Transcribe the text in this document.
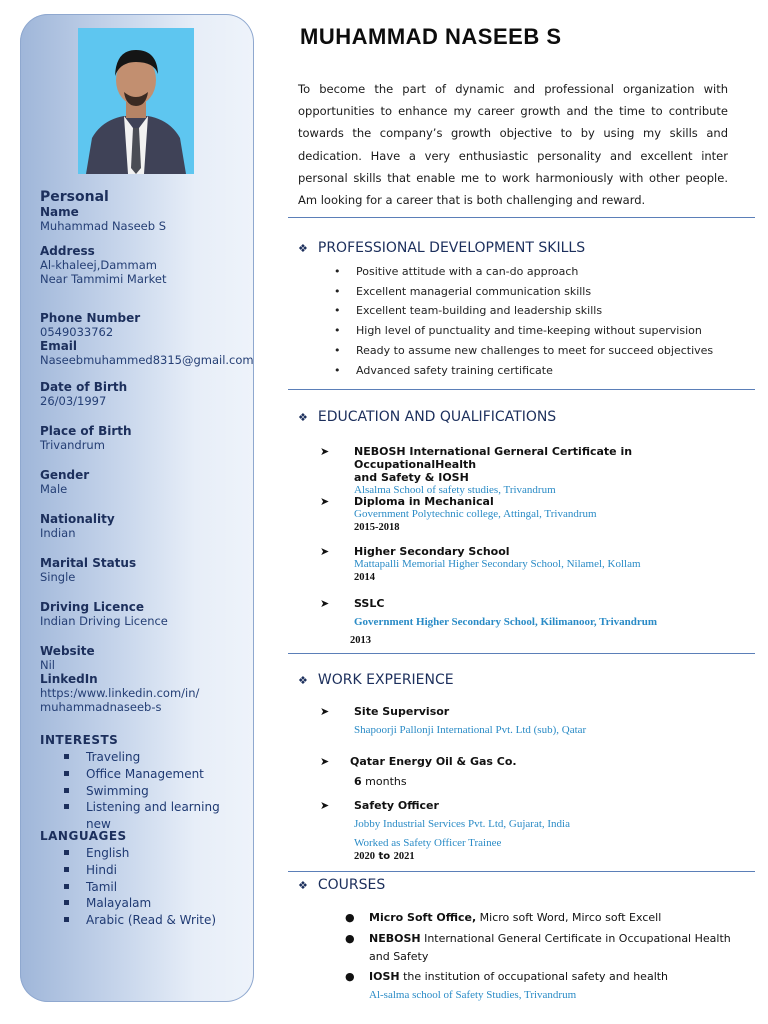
Personal
Name
Muhammad Naseeb S
Address
Al-khaleej,Dammam
Near Tammimi Market
Phone Number
0549033762
Email
Naseebmuhammed8315@gmail.com
Date of Birth
26/03/1997
Place of Birth
Trivandrum
Gender
Male
Nationality
Indian
Marital Status
Single
Driving Licence
Indian Driving Licence
Website
Nil
LinkedIn
https:/www.linkedin.com/in/
muhammadnaseeb-s
INTERESTS
Traveling
Office Management
Swimming
Listening and learning new
LANGUAGES
English
Hindi
Tamil
Malayalam
Arabic (Read & Write)
MUHAMMAD NASEEB S
To become the part of dynamic and professional organization with opportunities to enhance my career growth and the time to contribute towards the company’s growth objective to by using my skills and dedication. Have a very enthusiastic personality and excellent inter personal skills that enable me to work harmoniously with other people. Am looking for a career that is both challenging and reward.
❖ PROFESSIONAL DEVELOPMENT SKILLS
• Positive attitude with a can-do approach
• Excellent managerial communication skills
• Excellent team-building and leadership skills
• High level of punctuality and time-keeping without supervision
• Ready to assume new challenges to meet for succeed objectives
• Advanced safety training certificate
❖ EDUCATION AND QUALIFICATIONS
➤ NEBOSH International Gerneral Certificate in OccupationalHealth
and Safety & IOSH
Alsalma School of safety studies, Trivandrum
➤ Diploma in Mechanical
Government Polytechnic college, Attingal, Trivandrum
2015-2018
➤ Higher Secondary School
Mattapalli Memorial Higher Secondary School, Nilamel, Kollam
2014
➤ SSLC
Government Higher Secondary School, Kilimanoor, Trivandrum
2013
❖ WORK EXPERIENCE
➤ Site Supervisor
Shapoorji Pallonji International Pvt. Ltd (sub), Qatar
➤ Qatar Energy Oil & Gas Co.
6 months
➤ Safety Officer
Jobby Industrial Services Pvt. Ltd, Gujarat, India
Worked as Safety Officer Trainee
2020 to 2021
❖ COURSES
● Micro Soft Office, Micro soft Word, Mirco soft Excell
● NEBOSH International General Certificate in Occupational Health
and Safety
● IOSH the institution of occupational safety and health
Al-salma school of Safety Studies, Trivandrum
